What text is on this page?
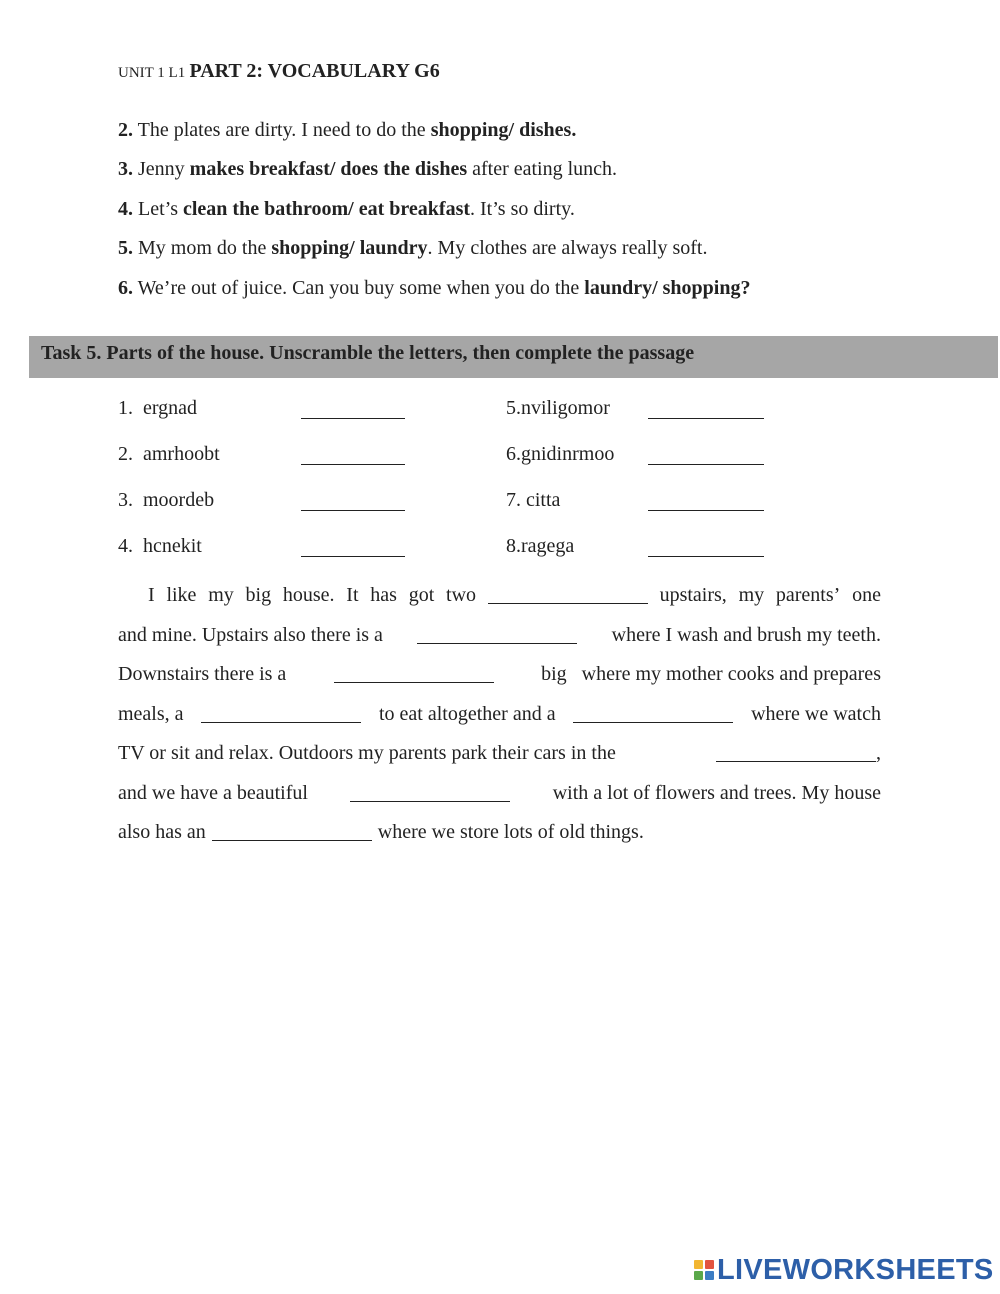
UNIT 1 L1 PART 2: VOCABULARY G6
2. The plates are dirty. I need to do the shopping/ dishes.
3. Jenny makes breakfast/ does the dishes after eating lunch.
4. Let’s clean the bathroom/ eat breakfast. It’s so dirty.
5. My mom do the shopping/ laundry. My clothes are always really soft.
6. We’re out of juice. Can you buy some when you do the laundry/ shopping?
Task 5. Parts of the house. Unscramble the letters, then complete the passage
1. ergnad
2. amrhoobt
3. moordeb
4. hcnekit
5.nviligomor
6.gnidinrmoo
7. citta
8.ragega
I like my big house. It has got two	upstairs, my parents’ one
and mine. Upstairs also there is a	where I wash and brush my teeth.
Downstairs there is a	big   where my mother cooks and prepares
meals, a	to eat altogether and a	where we watch
TV or sit and relax. Outdoors my parents park their cars in the	,
and we have a beautiful	with a lot of flowers and trees. My house
also has an	where we store lots of old things.
LIVEWORKSHEETS
